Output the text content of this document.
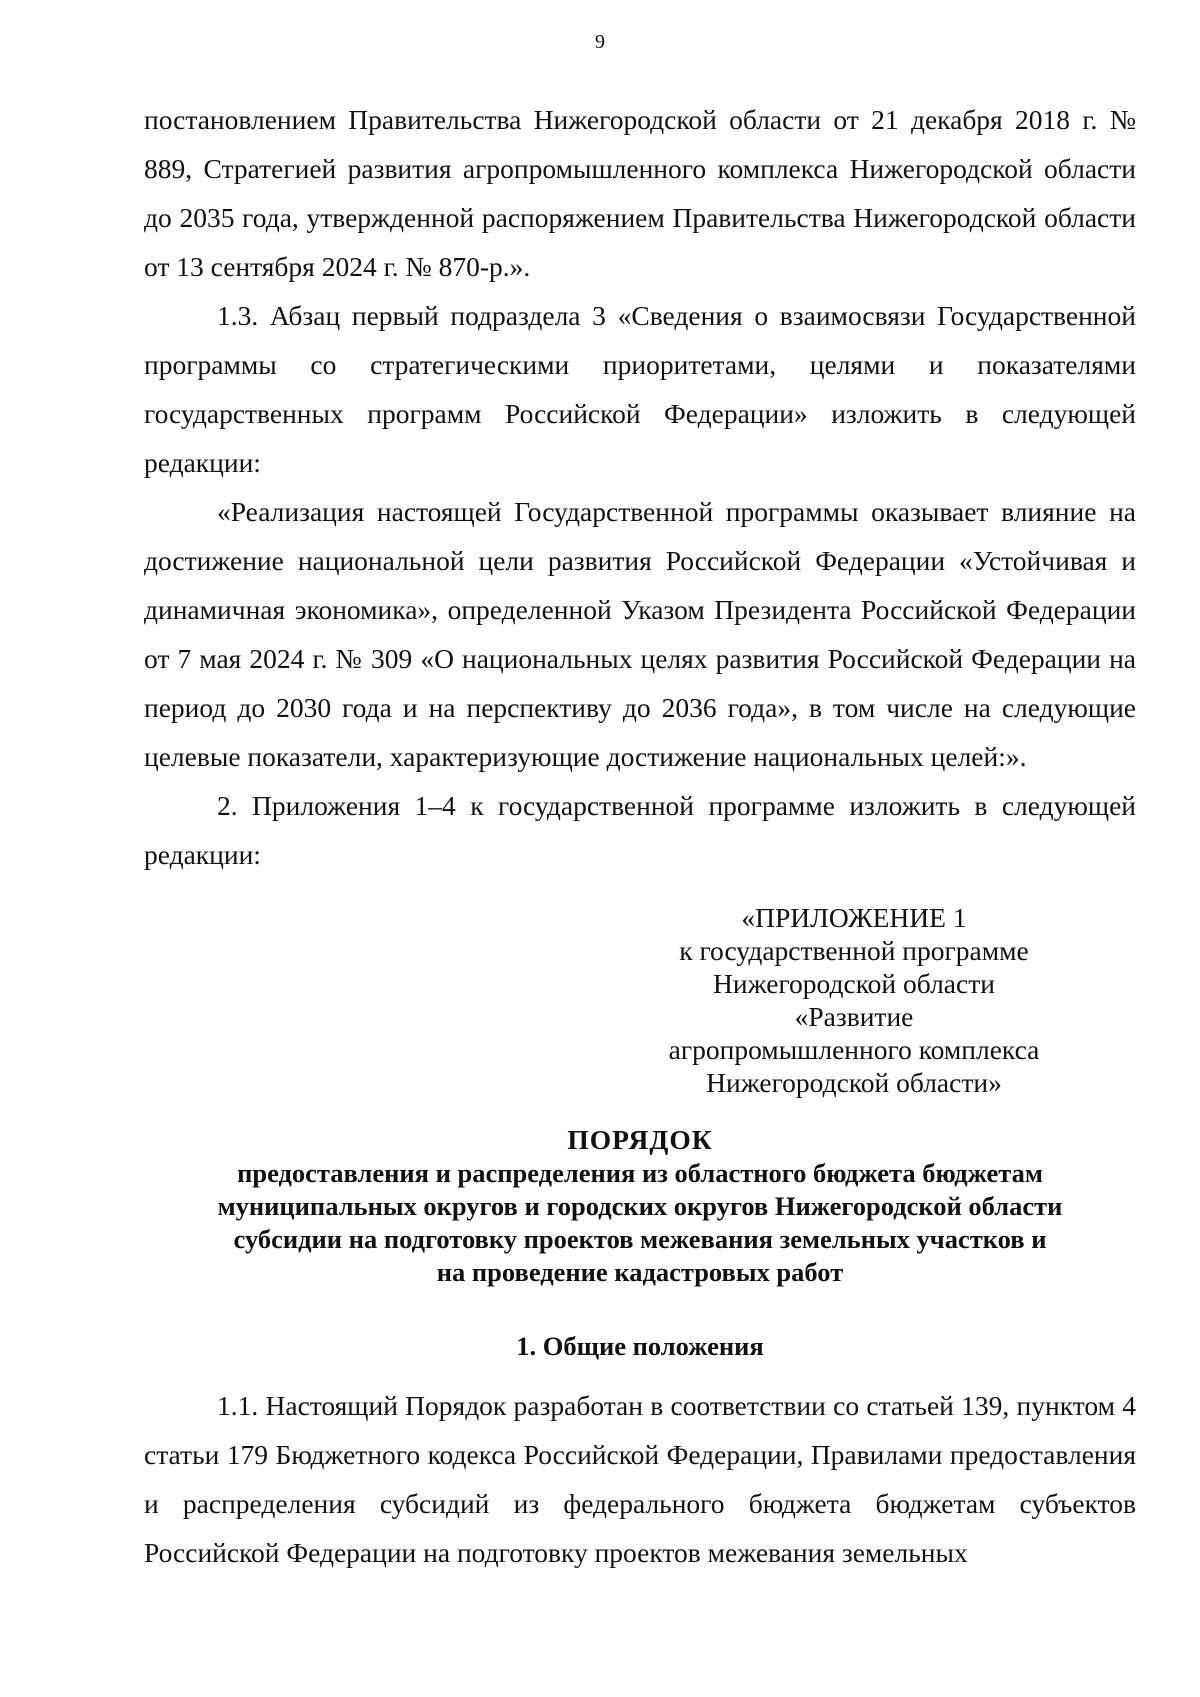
9

постановлением Правительства Нижегородской области от 21 декабря 2018 г. № 889, Стратегией развития агропромышленного комплекса Нижегородской области до 2035 года, утвержденной распоряжением Правительства Нижегородской области от 13 сентября 2024 г. № 870-р.».

1.3. Абзац первый подраздела 3 «Сведения о взаимосвязи Государственной программы со стратегическими приоритетами, целями и показателями государственных программ Российской Федерации» изложить в следующей редакции:

«Реализация настоящей Государственной программы оказывает влияние на достижение национальной цели развития Российской Федерации «Устойчивая и динамичная экономика», определенной Указом Президента Российской Федерации от 7 мая 2024 г. № 309 «О национальных целях развития Российской Федерации на период до 2030 года и на перспективу до 2036 года», в том числе на следующие целевые показатели, характеризующие достижение национальных целей:».

2. Приложения 1–4 к государственной программе изложить в следующей редакции:

«ПРИЛОЖЕНИЕ 1
к государственной программе
Нижегородской области «Развитие
агропромышленного комплекса
Нижегородской области»
ПОРЯДОК
предоставления и распределения из областного бюджета бюджетам
муниципальных округов и городских округов Нижегородской области
субсидии на подготовку проектов межевания земельных участков и
на проведение кадастровых работ
1. Общие положения

1.1. Настоящий Порядок разработан в соответствии со статьей 139, пунктом 4 статьи 179 Бюджетного кодекса Российской Федерации, Правилами предоставления и распределения субсидий из федерального бюджета бюджетам субъектов Российской Федерации на подготовку проектов межевания земельных
